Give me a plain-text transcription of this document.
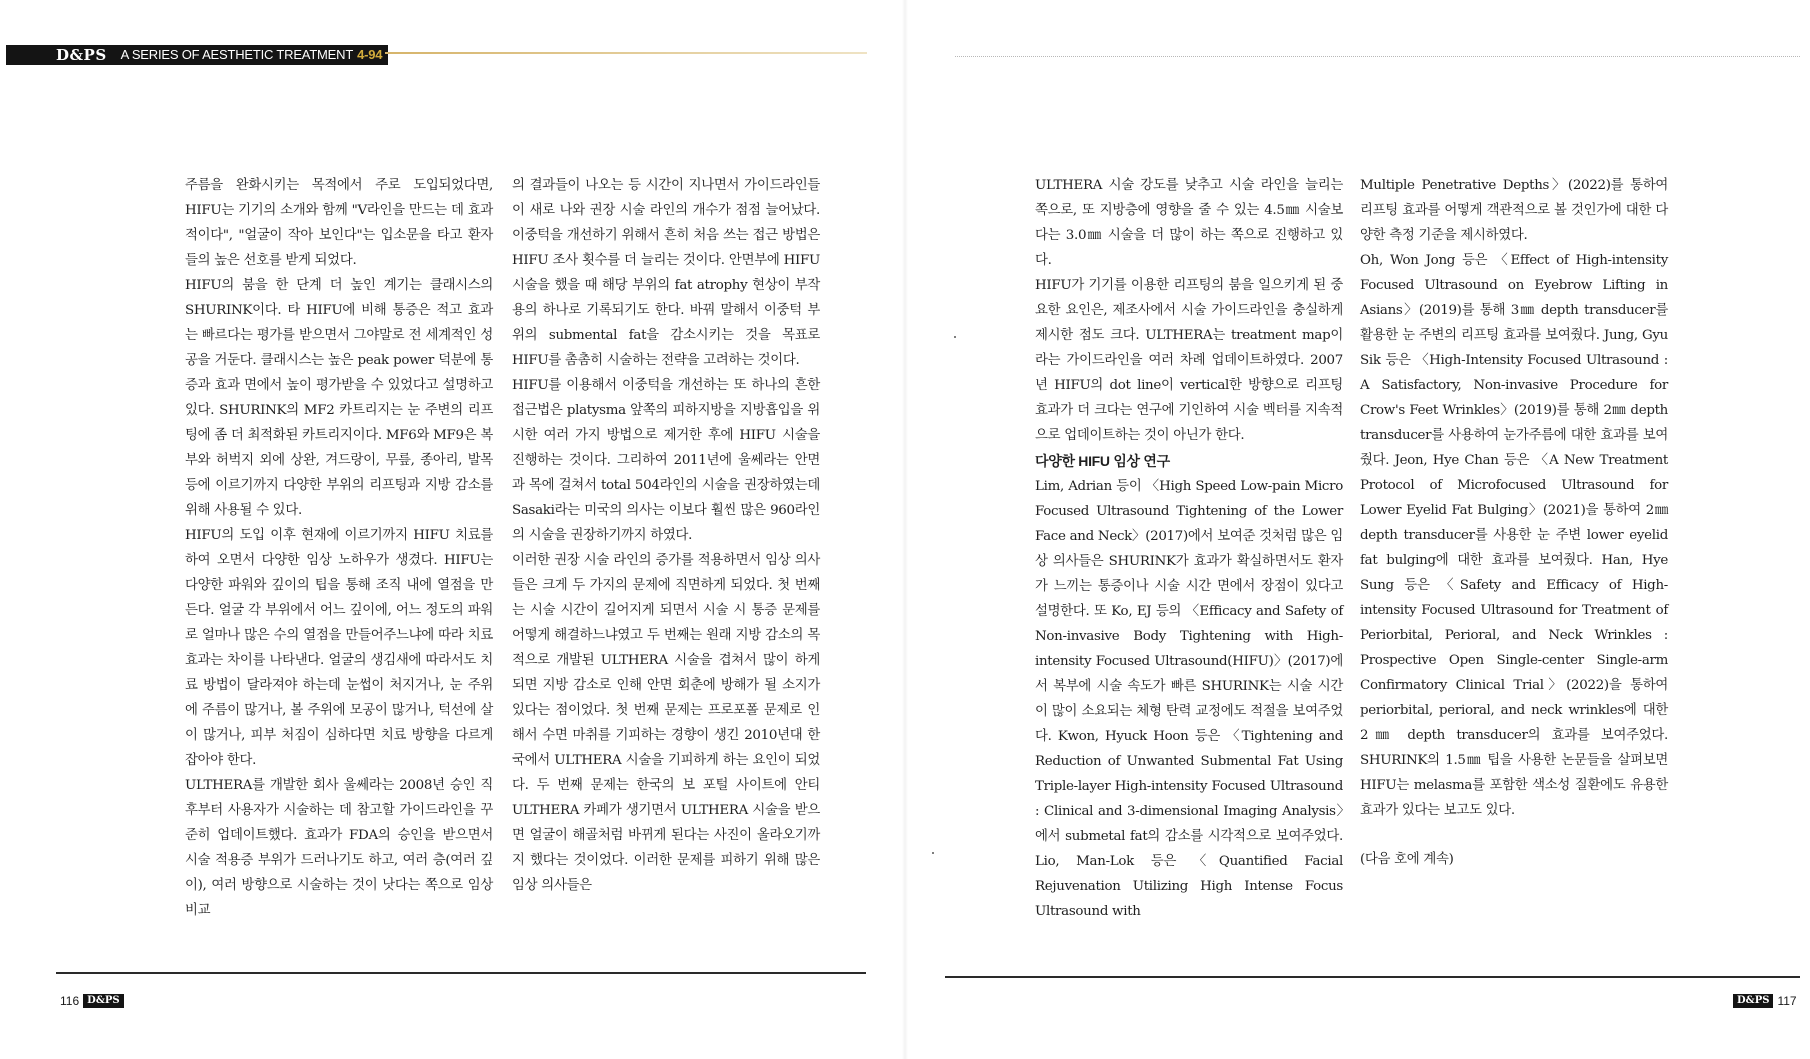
D&PS	A SERIES OF AESTHETIC TREATMENT 4-94

주름을 완화시키는 목적에서 주로 도입되었다면, HIFU는 기기의 소개와 함께 "V라인을 만드는 데 효과적이다", "얼굴이 작아 보인다"는 입소문을 타고 환자들의 높은 선호를 받게 되었다.

HIFU의 붐을 한 단계 더 높인 계기는 클래시스의 SHURINK이다. 타 HIFU에 비해 통증은 적고 효과는 빠르다는 평가를 받으면서 그야말로 전 세계적인 성공을 거둔다. 클래시스는 높은 peak power 덕분에 통증과 효과 면에서 높이 평가받을 수 있었다고 설명하고 있다. SHURINK의 MF2 카트리지는 눈 주변의 리프팅에 좀 더 최적화된 카트리지이다. MF6와 MF9은 복부와 허벅지 외에 상완, 겨드랑이, 무릎, 종아리, 발목 등에 이르기까지 다양한 부위의 리프팅과 지방 감소를 위해 사용될 수 있다.

HIFU의 도입 이후 현재에 이르기까지 HIFU 치료를 하여 오면서 다양한 임상 노하우가 생겼다. HIFU는 다양한 파워와 깊이의 팁을 통해 조직 내에 열점을 만든다. 얼굴 각 부위에서 어느 깊이에, 어느 정도의 파워로 얼마나 많은 수의 열점을 만들어주느냐에 따라 치료 효과는 차이를 나타낸다. 얼굴의 생김새에 따라서도 치료 방법이 달라져야 하는데 눈썹이 처지거나, 눈 주위에 주름이 많거나, 볼 주위에 모공이 많거나, 턱선에 살이 많거나, 피부 처짐이 심하다면 치료 방향을 다르게 잡아야 한다.

ULTHERA를 개발한 회사 울쎄라는 2008년 승인 직후부터 사용자가 시술하는 데 참고할 가이드라인을 꾸준히 업데이트했다. 효과가 FDA의 승인을 받으면서 시술 적용증 부위가 드러나기도 하고, 여러 층(여러 깊이), 여러 방향으로 시술하는 것이 낫다는 쪽으로 임상 비교

의 결과들이 나오는 등 시간이 지나면서 가이드라인들이 새로 나와 권장 시술 라인의 개수가 점점 늘어났다. 이중턱을 개선하기 위해서 흔히 처음 쓰는 접근 방법은 HIFU 조사 횟수를 더 늘리는 것이다. 안면부에 HIFU 시술을 했을 때 해당 부위의 fat atrophy 현상이 부작용의 하나로 기록되기도 한다. 바꿔 말해서 이중턱 부위의 submental fat을 감소시키는 것을 목표로 HIFU를 촘촘히 시술하는 전략을 고려하는 것이다.

HIFU를 이용해서 이중턱을 개선하는 또 하나의 흔한 접근법은 platysma 앞쪽의 피하지방을 지방흡입을 위시한 여러 가지 방법으로 제거한 후에 HIFU 시술을 진행하는 것이다. 그리하여 2011년에 울쎄라는 안면과 목에 걸쳐서 total 504라인의 시술을 권장하였는데 Sasaki라는 미국의 의사는 이보다 훨씬 많은 960라인의 시술을 권장하기까지 하였다.

이러한 권장 시술 라인의 증가를 적용하면서 임상 의사들은 크게 두 가지의 문제에 직면하게 되었다. 첫 번째는 시술 시간이 길어지게 되면서 시술 시 통증 문제를 어떻게 해결하느냐였고 두 번째는 원래 지방 감소의 목적으로 개발된 ULTHERA 시술을 겹쳐서 많이 하게 되면 지방 감소로 인해 안면 회춘에 방해가 될 소지가 있다는 점이었다. 첫 번째 문제는 프로포폴 문제로 인해서 수면 마취를 기피하는 경향이 생긴 2010년대 한국에서 ULTHERA 시술을 기피하게 하는 요인이 되었다. 두 번째 문제는 한국의 보 포털 사이트에 안티 ULTHERA 카페가 생기면서 ULTHERA 시술을 받으면 얼굴이 해골처럼 바뀌게 된다는 사진이 올라오기까지 했다는 것이었다. 이러한 문제를 피하기 위해 많은 임상 의사들은

ULTHERA 시술 강도를 낮추고 시술 라인을 늘리는 쪽으로, 또 지방층에 영향을 줄 수 있는 4.5㎜ 시술보다는 3.0㎜ 시술을 더 많이 하는 쪽으로 진행하고 있다.

HIFU가 기기를 이용한 리프팅의 붐을 일으키게 된 중요한 요인은, 제조사에서 시술 가이드라인을 충실하게 제시한 점도 크다. ULTHERA는 treatment map이라는 가이드라인을 여러 차례 업데이트하였다. 2007년 HIFU의 dot line이 vertical한 방향으로 리프팅 효과가 더 크다는 연구에 기인하여 시술 벡터를 지속적으로 업데이트하는 것이 아닌가 한다.

다양한 HIFU 임상 연구

Lim, Adrian 등이 〈High Speed Low-pain Micro Focused Ultrasound Tightening of the Lower Face and Neck〉(2017)에서 보여준 것처럼 많은 임상 의사들은 SHURINK가 효과가 확실하면서도 환자가 느끼는 통증이나 시술 시간 면에서 장점이 있다고 설명한다. 또 Ko, EJ 등의 〈Efficacy and Safety of Non-invasive Body Tightening with High-intensity Focused Ultrasound(HIFU)〉(2017)에서 복부에 시술 속도가 빠른 SHURINK는 시술 시간이 많이 소요되는 체형 탄력 교정에도 적절을 보여주었다. Kwon, Hyuck Hoon 등은 〈Tightening and Reduction of Unwanted Submental Fat Using Triple-layer High-intensity Focused Ultrasound : Clinical and 3-dimensional Imaging Analysis〉에서 submetal fat의 감소를 시각적으로 보여주었다. Lio, Man-Lok 등은 〈Quantified Facial Rejuvenation Utilizing High Intense Focus Ultrasound with

Multiple Penetrative Depths〉(2022)를 통하여 리프팅 효과를 어떻게 객관적으로 볼 것인가에 대한 다양한 측정 기준을 제시하였다.

Oh, Won Jong 등은 〈Effect of High-intensity Focused Ultrasound on Eyebrow Lifting in Asians〉(2019)를 통해 3㎜ depth transducer를 활용한 눈 주변의 리프팅 효과를 보여줬다. Jung, Gyu Sik 등은 〈High-Intensity Focused Ultrasound : A Satisfactory, Non-invasive Procedure for Crow's Feet Wrinkles〉(2019)를 통해 2㎜ depth transducer를 사용하여 눈가주름에 대한 효과를 보여줬다. Jeon, Hye Chan 등은 〈A New Treatment Protocol of Microfocused Ultrasound for Lower Eyelid Fat Bulging〉(2021)을 통하여 2㎜ depth transducer를 사용한 눈 주변 lower eyelid fat bulging에 대한 효과를 보여줬다. Han, Hye Sung 등은 〈Safety and Efficacy of High-intensity Focused Ultrasound for Treatment of Periorbital, Perioral, and Neck Wrinkles : Prospective Open Single-center Single-arm Confirmatory Clinical Trial〉(2022)을 통하여 periorbital, perioral, and neck wrinkles에 대한 2㎜ depth transducer의 효과를 보여주었다. SHURINK의 1.5㎜ 팁을 사용한 논문들을 살펴보면 HIFU는 melasma를 포함한 색소성 질환에도 유용한 효과가 있다는 보고도 있다.

(다음 호에 계속)

116 D&PS	D&PS 117
